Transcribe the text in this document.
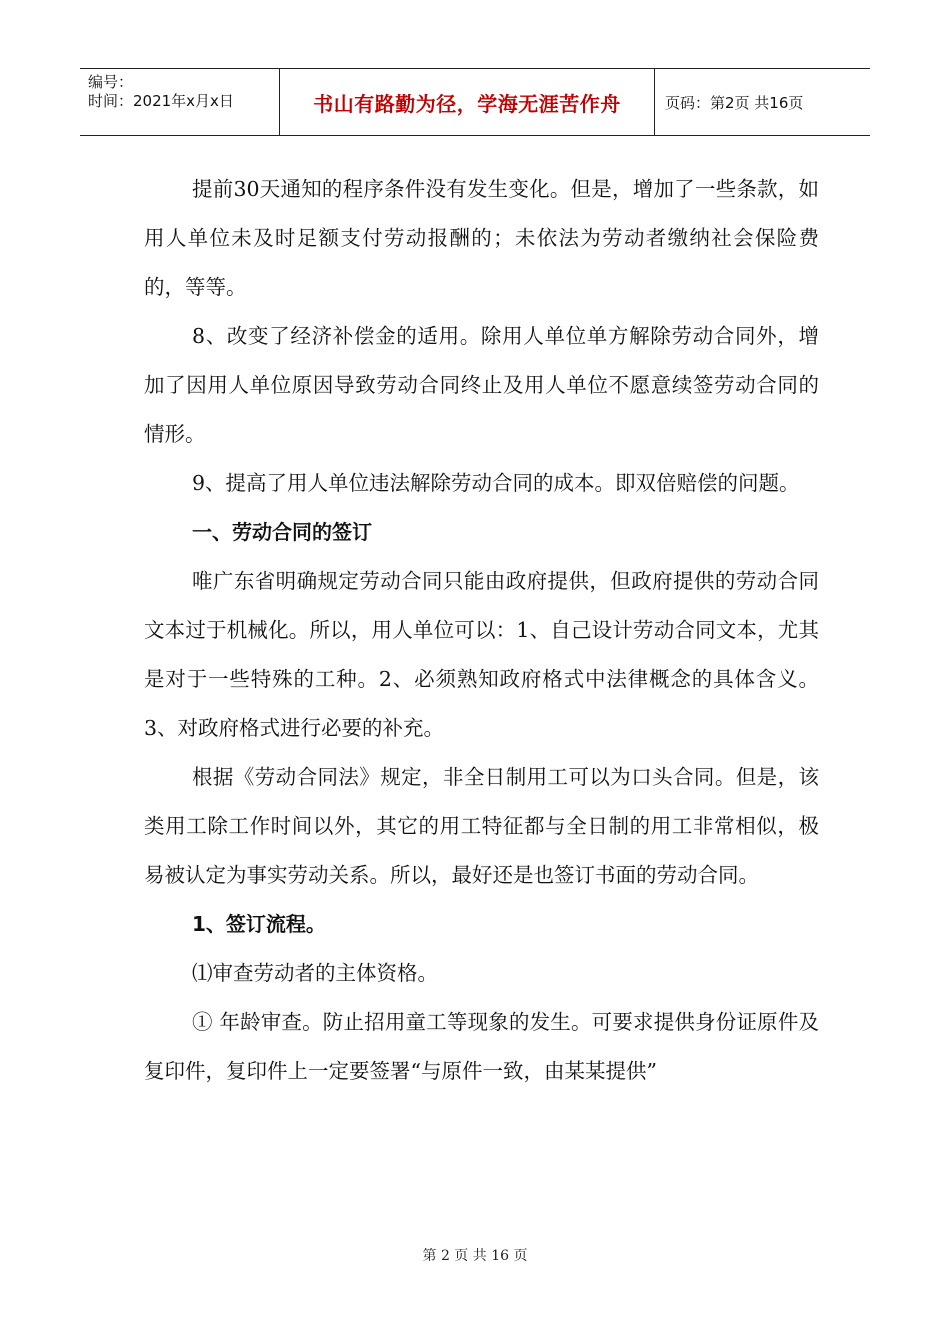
编号：
时间：2021年x月x日	书山有路勤为径，学海无涯苦作舟	页码：第2页 共16页

提前30天通知的程序条件没有发生变化。但是，增加了一些条款，如用人单位未及时足额支付劳动报酬的；未依法为劳动者缴纳社会保险费的，等等。

8、改变了经济补偿金的适用。除用人单位单方解除劳动合同外，增加了因用人单位原因导致劳动合同终止及用人单位不愿意续签劳动合同的情形。

9、提高了用人单位违法解除劳动合同的成本。即双倍赔偿的问题。

一、劳动合同的签订

唯广东省明确规定劳动合同只能由政府提供，但政府提供的劳动合同文本过于机械化。所以，用人单位可以：1、自己设计劳动合同文本，尤其是对于一些特殊的工种。2、必须熟知政府格式中法律概念的具体含义。3、对政府格式进行必要的补充。

根据《劳动合同法》规定，非全日制用工可以为口头合同。但是，该类用工除工作时间以外，其它的用工特征都与全日制的用工非常相似，极易被认定为事实劳动关系。所以，最好还是也签订书面的劳动合同。

1、签订流程。

⑴审查劳动者的主体资格。

① 年龄审查。防止招用童工等现象的发生。可要求提供身份证原件及复印件，复印件上一定要签署“与原件一致，由某某提供”

第 2 页 共 16 页
